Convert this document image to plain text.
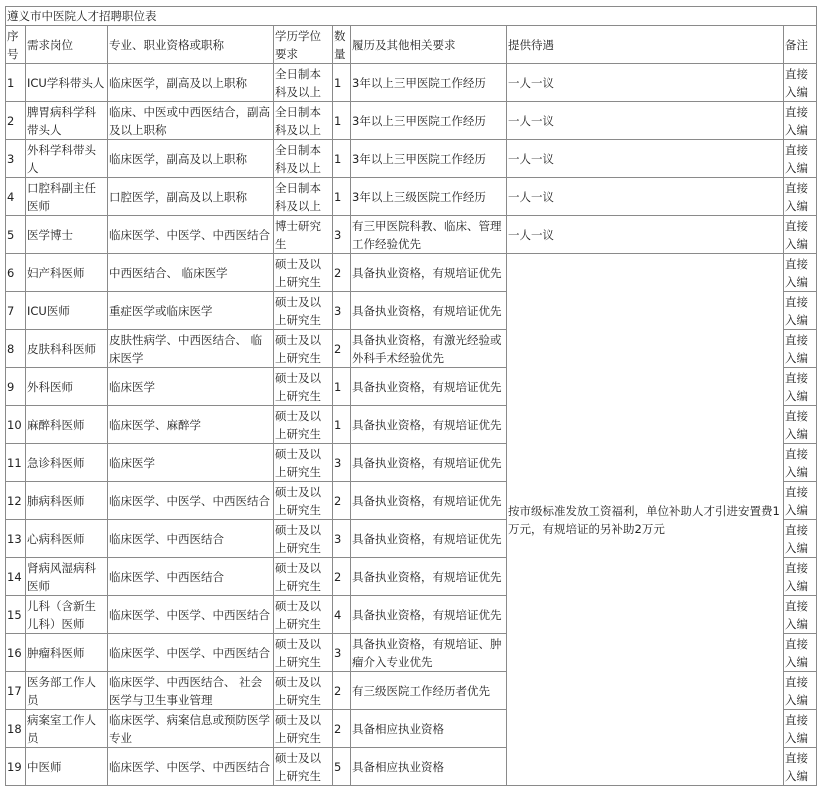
遵义市中医院人才招聘职位表							
序号	需求岗位	专业、职业资格或职称	学历学位要求	数量	履历及其他相关要求	提供待遇	备注
1	ICU学科带头人	临床医学，副高及以上职称	全日制本科及以上	1	3年以上三甲医院工作经历	一人一议	直接入编
2	脾胃病科学科带头人	临床、中医或中西医结合，副高及以上职称	全日制本科及以上	1	3年以上三甲医院工作经历	一人一议	直接入编
3	外科学科带头人	临床医学，副高及以上职称	全日制本科及以上	1	3年以上三甲医院工作经历	一人一议	直接入编
4	口腔科副主任医师	口腔医学，副高及以上职称	全日制本科及以上	1	3年以上三级医院工作经历	一人一议	直接入编
5	医学博士	临床医学、中医学、中西医结合	博士研究生	3	有三甲医院科教、临床、管理工作经验优先	一人一议	直接入编
6	妇产科医师	中西医结合、 临床医学	硕士及以上研究生	2	具备执业资格，有规培证优先	按市级标准发放工资福利，单位补助人才引进安置费1万元，有规培证的另补助2万元	直接入编
7	ICU医师	重症医学或临床医学	硕士及以上研究生	3	具备执业资格，有规培证优先		直接入编
8	皮肤科科医师	皮肤性病学、中西医结合、 临床医学	硕士及以上研究生	2	具备执业资格，有激光经验或外科手术经验优先		直接入编
9	外科医师	临床医学	硕士及以上研究生	1	具备执业资格，有规培证优先		直接入编
10	麻醉科医师	临床医学、麻醉学	硕士及以上研究生	1	具备执业资格，有规培证优先		直接入编
11	急诊科医师	临床医学	硕士及以上研究生	3	具备执业资格，有规培证优先		直接入编
12	肺病科医师	临床医学、中医学、中西医结合	硕士及以上研究生	2	具备执业资格，有规培证优先		直接入编
13	心病科医师	临床医学、中西医结合	硕士及以上研究生	3	具备执业资格，有规培证优先		直接入编
14	肾病风湿病科医师	临床医学、中西医结合	硕士及以上研究生	2	具备执业资格，有规培证优先		直接入编
15	儿科（含新生儿科）医师	临床医学、中医学、中西医结合	硕士及以上研究生	4	具备执业资格，有规培证优先		直接入编
16	肿瘤科医师	临床医学、中医学、中西医结合	硕士及以上研究生	3	具备执业资格，有规培证、肿瘤介入专业优先		直接入编
17	医务部工作人员	临床医学、中西医结合、 社会医学与卫生事业管理	硕士及以上研究生	2	有三级医院工作经历者优先		直接入编
18	病案室工作人员	临床医学、病案信息或预防医学专业	硕士及以上研究生	2	具备相应执业资格		直接入编
19	中医师	临床医学、中医学、中西医结合	硕士及以上研究生	5	具备相应执业资格		直接入编
